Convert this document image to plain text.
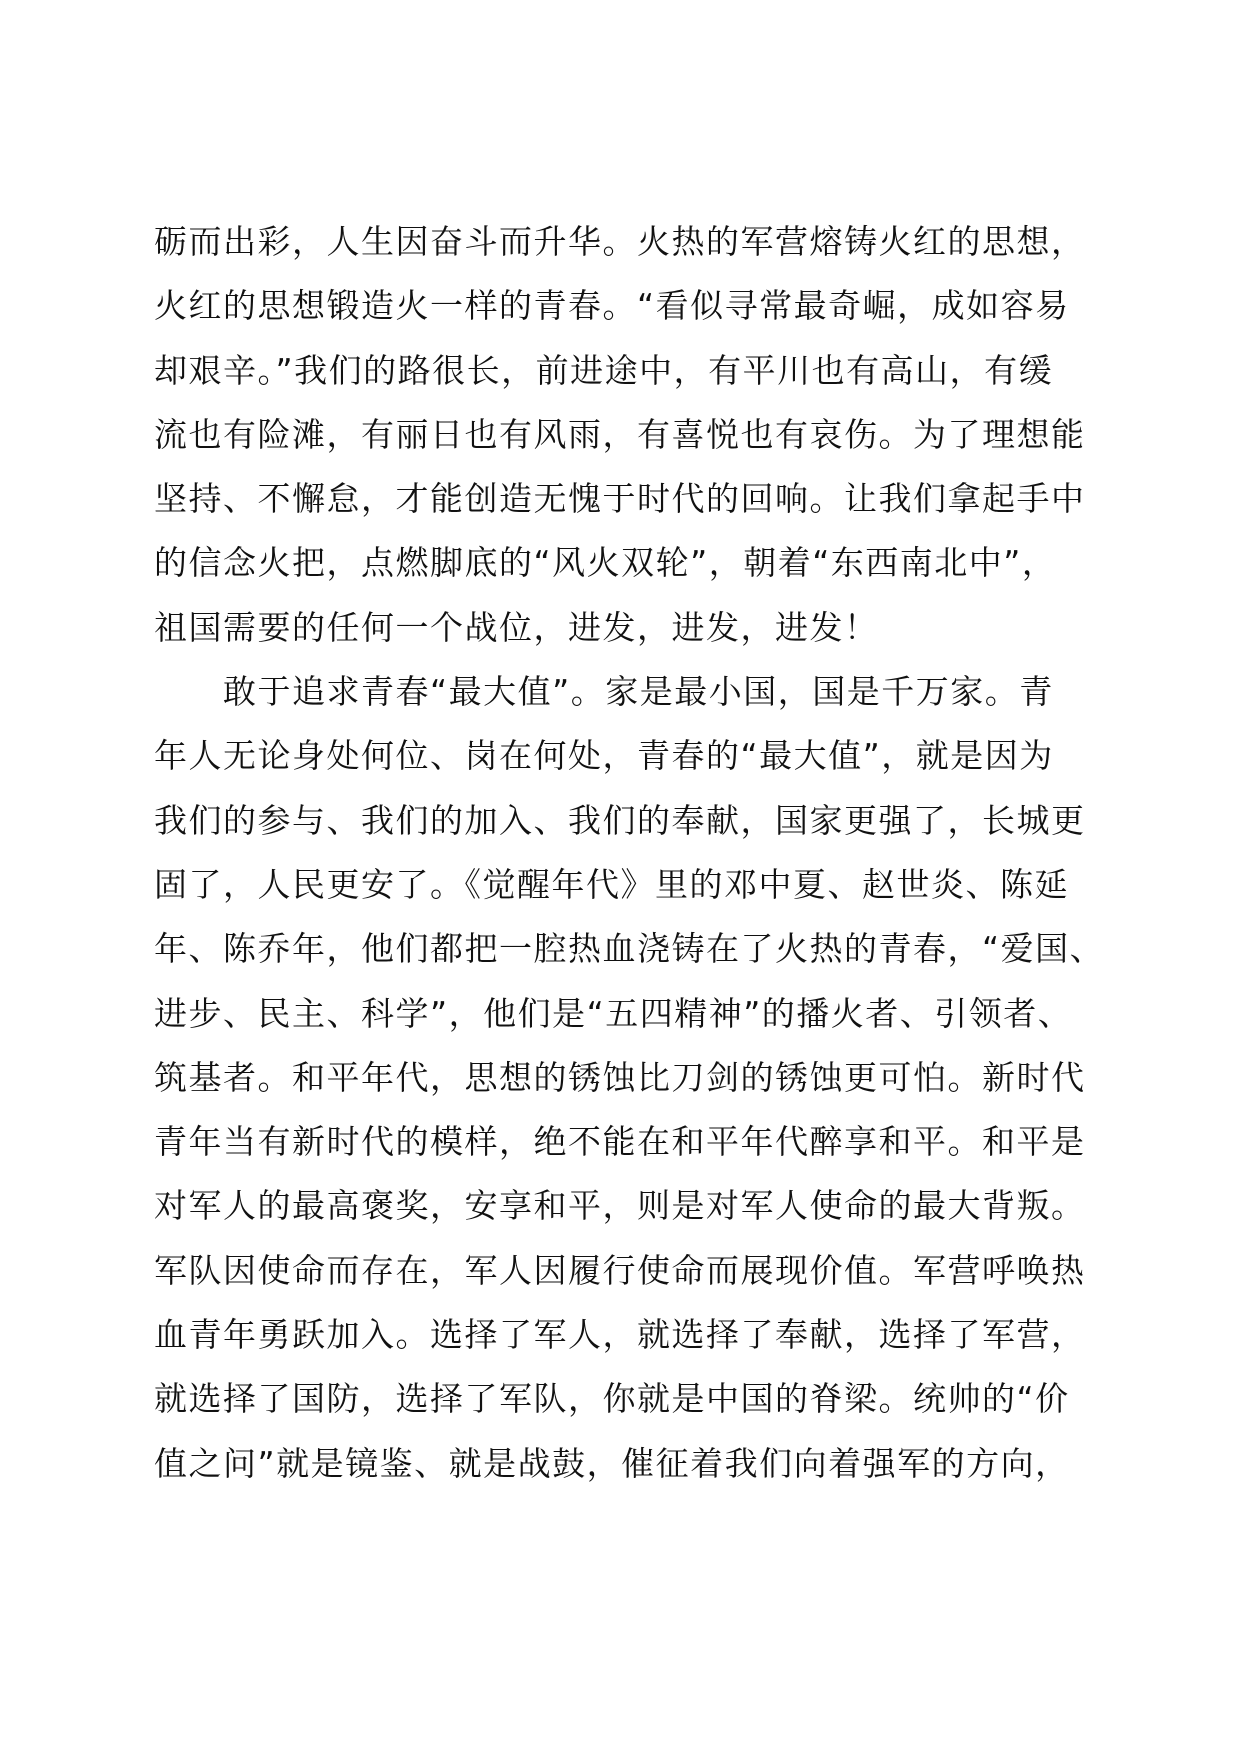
砺而出彩，人生因奋斗而升华。火热的军营熔铸火红的思想，
火红的思想锻造火一样的青春。“看似寻常最奇崛，成如容易
却艰辛。”我们的路很长，前进途中，有平川也有高山，有缓
流也有险滩，有丽日也有风雨，有喜悦也有哀伤。为了理想能
坚持、不懈怠，才能创造无愧于时代的回响。让我们拿起手中
的信念火把，点燃脚底的“风火双轮”，朝着“东西南北中”，
祖国需要的任何一个战位，进发，进发，进发！
　　敢于追求青春“最大值”。家是最小国，国是千万家。青
年人无论身处何位、岗在何处，青春的“最大值”，就是因为
我们的参与、我们的加入、我们的奉献，国家更强了，长城更
固了，人民更安了。《觉醒年代》里的邓中夏、赵世炎、陈延
年、陈乔年，他们都把一腔热血浇铸在了火热的青春，“爱国、
进步、民主、科学”，他们是“五四精神”的播火者、引领者、
筑基者。和平年代，思想的锈蚀比刀剑的锈蚀更可怕。新时代
青年当有新时代的模样，绝不能在和平年代醉享和平。和平是
对军人的最高褒奖，安享和平，则是对军人使命的最大背叛。
军队因使命而存在，军人因履行使命而展现价值。军营呼唤热
血青年勇跃加入。选择了军人，就选择了奉献，选择了军营，
就选择了国防，选择了军队，你就是中国的脊梁。统帅的“价
值之问”就是镜鉴、就是战鼓，催征着我们向着强军的方向，
